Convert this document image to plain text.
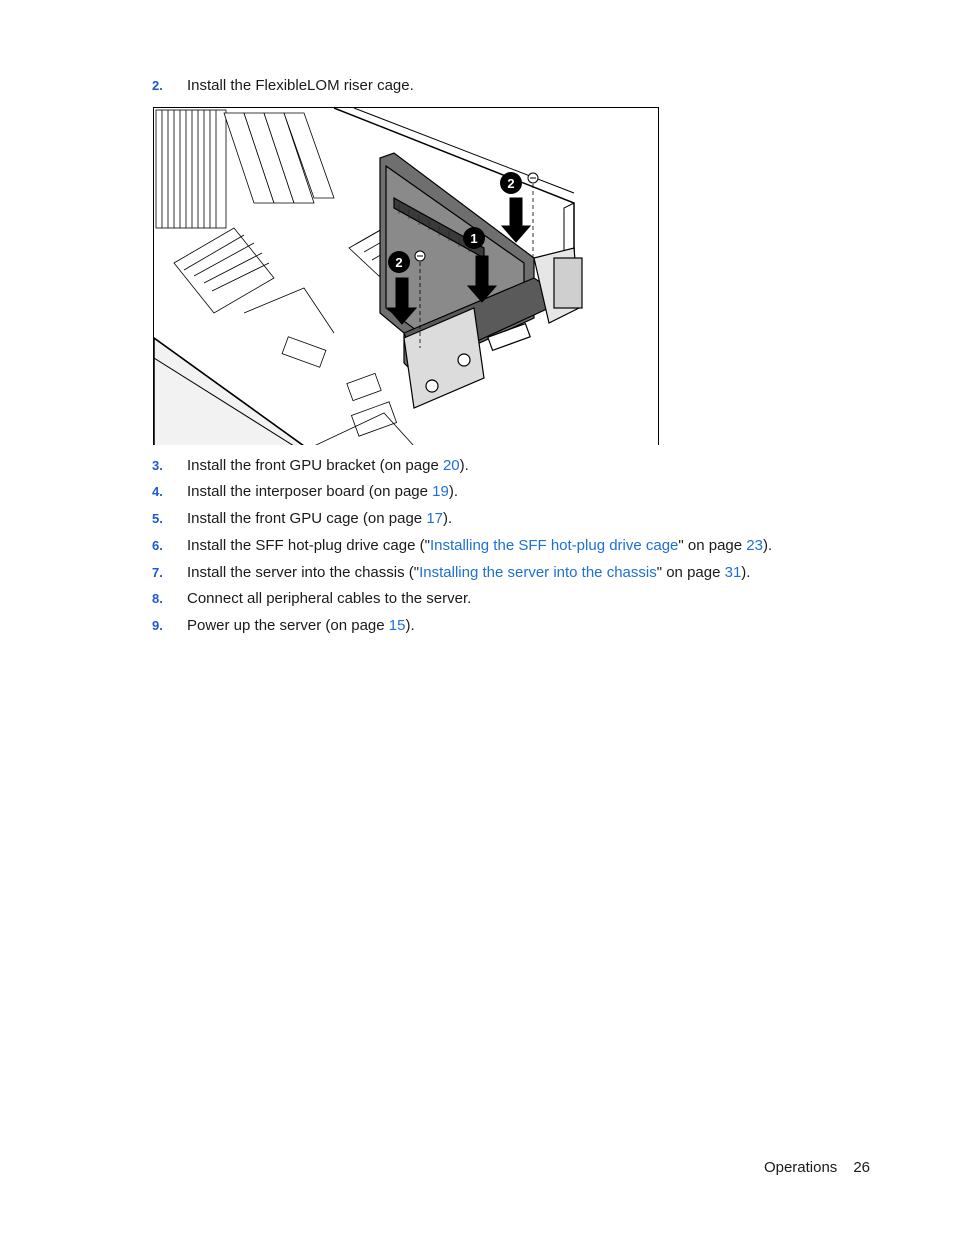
2. Install the FlexibleLOM riser cage.
1
2
2
3. Install the front GPU bracket (on page 20).
4. Install the interposer board (on page 19).
5. Install the front GPU cage (on page 17).
6. Install the SFF hot-plug drive cage ("Installing the SFF hot-plug drive cage" on page 23).
7. Install the server into the chassis ("Installing the server into the chassis" on page 31).
8. Connect all peripheral cables to the server.
9. Power up the server (on page 15).
Operations 26
